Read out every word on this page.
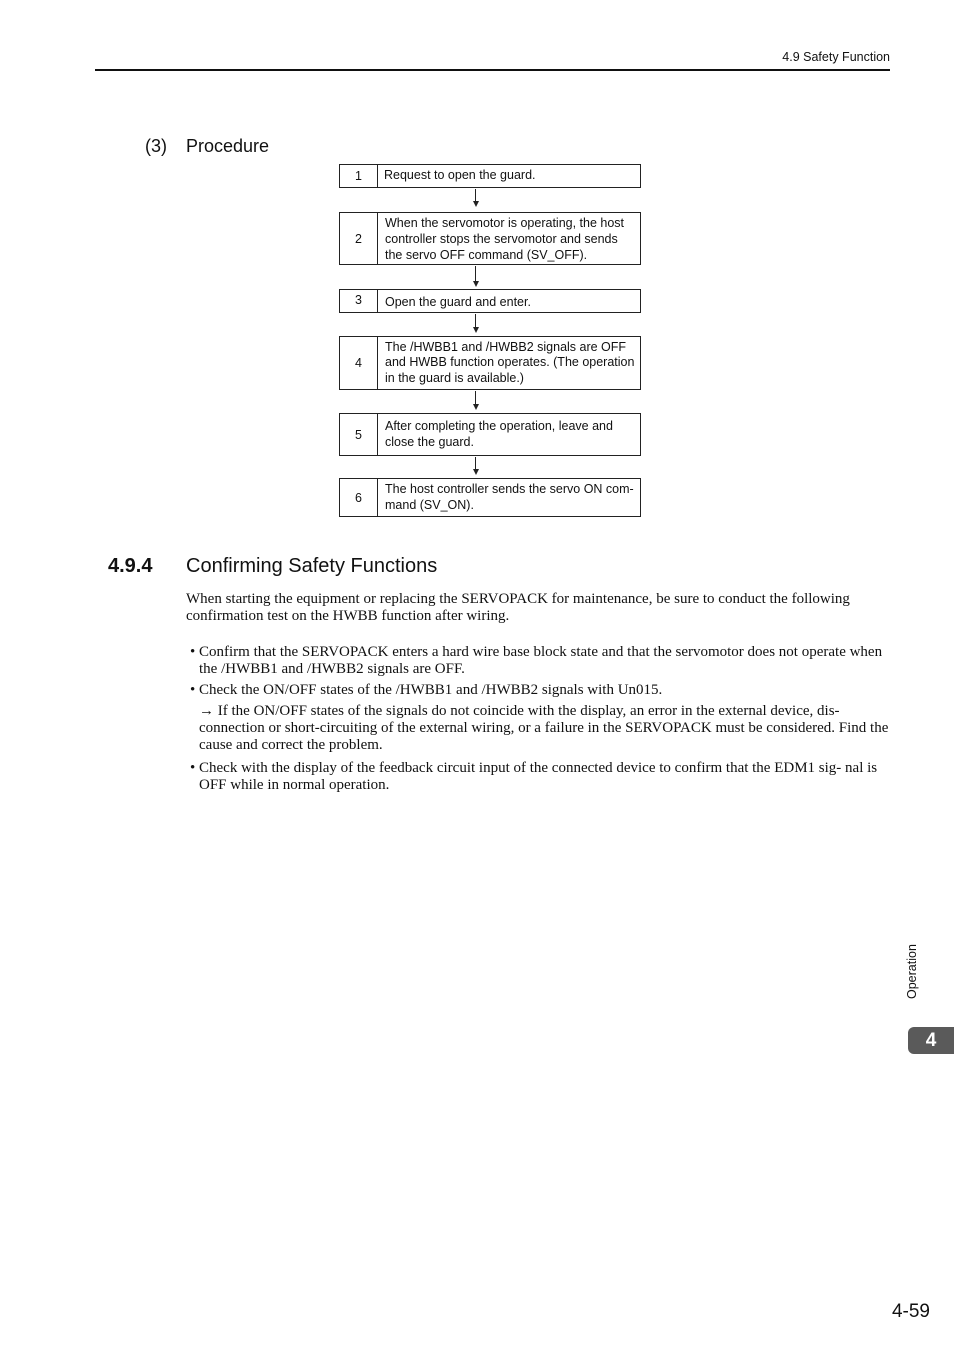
4.9 Safety Function
(3) Procedure
1	Request to open the guard.
2
When the servomotor is operating, the host controller stops the servomotor and sends the servo OFF command (SV_OFF).
3	Open the guard and enter.
4
The /HWBB1 and /HWBB2 signals are OFF and HWBB function operates. (The operation in the guard is available.)
5
After completing the operation, leave and close the guard.
6
The host controller sends the servo ON com- mand (SV_ON).
4.9.4 Confirming Safety Functions
When starting the equipment or replacing the SERVOPACK for maintenance, be sure to conduct the following confirmation test on the HWBB function after wiring.
• Confirm that the SERVOPACK enters a hard wire base block state and that the servomotor does not operate when the /HWBB1 and /HWBB2 signals are OFF.
• Check the ON/OFF states of the /HWBB1 and /HWBB2 signals with Un015.
→ If the ON/OFF states of the signals do not coincide with the display, an error in the external device, dis- connection or short-circuiting of the external wiring, or a failure in the SERVOPACK must be considered. Find the cause and correct the problem.
• Check with the display of the feedback circuit input of the connected device to confirm that the EDM1 sig- nal is OFF while in normal operation.
Operation
4
4-59
